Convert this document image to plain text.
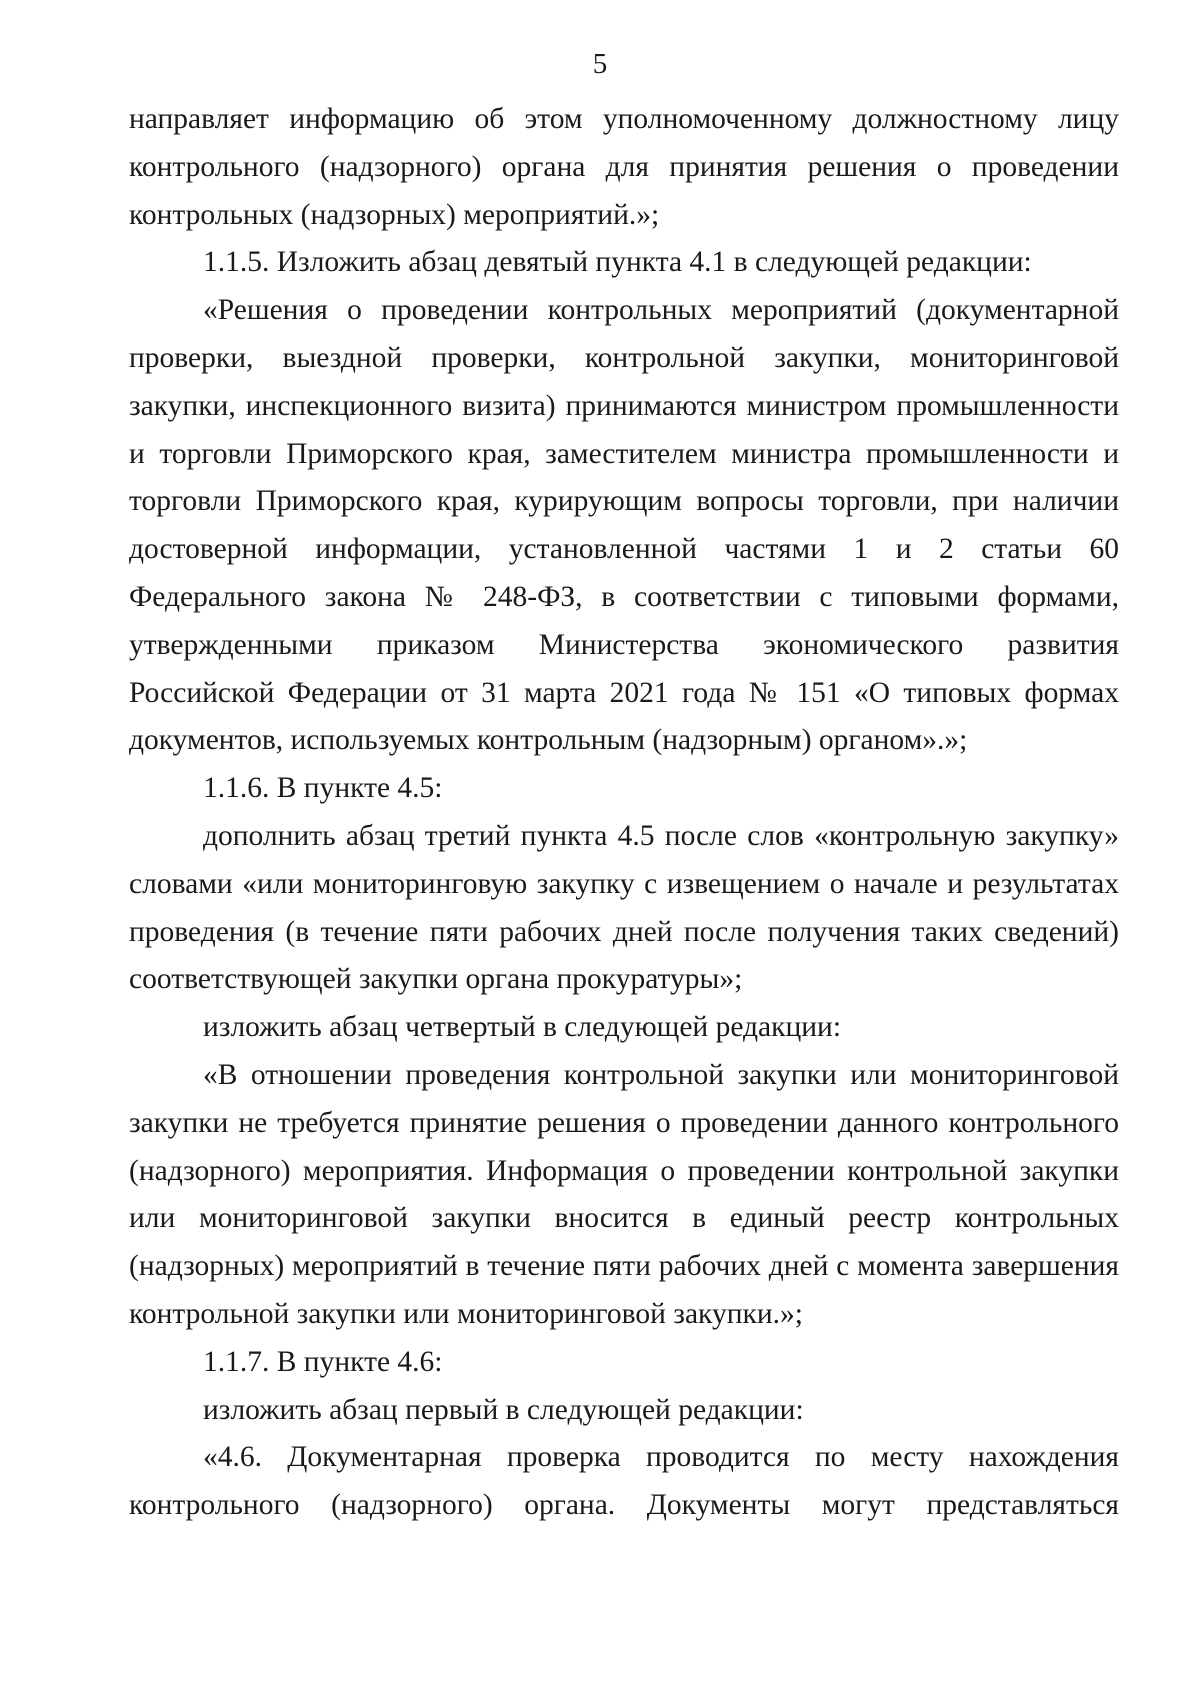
5

направляет информацию об этом уполномоченному должностному лицу контрольного (надзорного) органа для принятия решения о проведении контрольных (надзорных) мероприятий.»;

1.1.5. Изложить абзац девятый пункта 4.1 в следующей редакции:

«Решения о проведении контрольных мероприятий (документарной проверки, выездной проверки, контрольной закупки, мониторинговой закупки, инспекционного визита) принимаются министром промышленности и торговли Приморского края, заместителем министра промышленности и торговли Приморского края, курирующим вопросы торговли, при наличии достоверной информации, установленной частями 1 и 2 статьи 60 Федерального закона № 248-ФЗ, в соответствии с типовыми формами, утвержденными приказом Министерства экономического развития Российской Федерации от 31 марта 2021 года № 151 «О типовых формах документов, используемых контрольным (надзорным) органом».»;

1.1.6. В пункте 4.5:

дополнить абзац третий пункта 4.5 после слов «контрольную закупку» словами «или мониторинговую закупку с извещением о начале и результатах проведения (в течение пяти рабочих дней после получения таких сведений) соответствующей закупки органа прокуратуры»;

изложить абзац четвертый в следующей редакции:

«В отношении проведения контрольной закупки или мониторинговой закупки не требуется принятие решения о проведении данного контрольного (надзорного) мероприятия. Информация о проведении контрольной закупки или мониторинговой закупки вносится в единый реестр контрольных (надзорных) мероприятий в течение пяти рабочих дней с момента завершения контрольной закупки или мониторинговой закупки.»;

1.1.7. В пункте 4.6:

изложить абзац первый в следующей редакции:

«4.6. Документарная проверка проводится по месту нахождения контрольного (надзорного) органа. Документы могут представляться
